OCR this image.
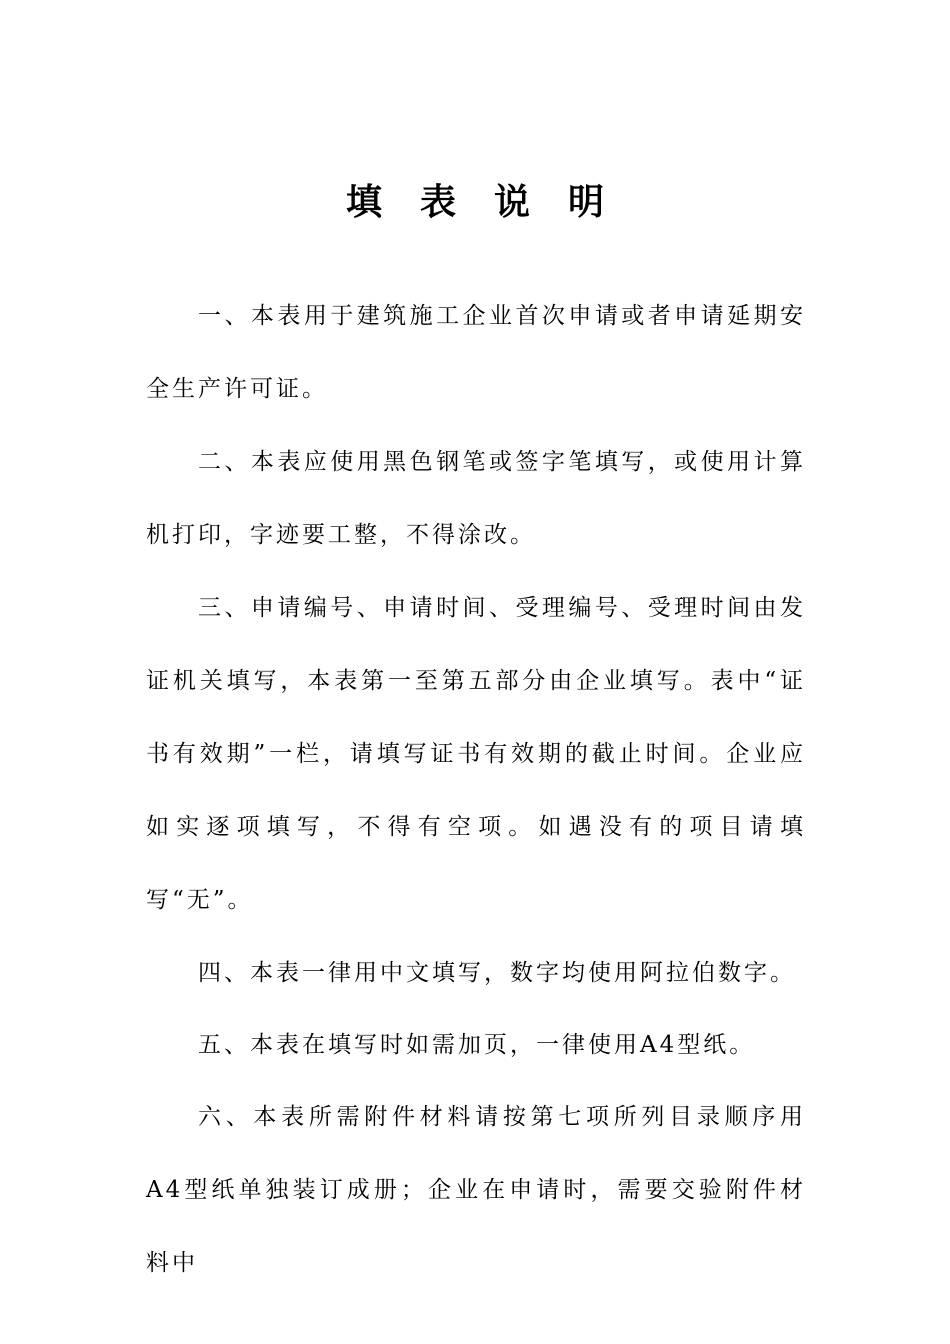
填表说明

一、本表用于建筑施工企业首次申请或者申请延期安全生产许可证。

二、本表应使用黑色钢笔或签字笔填写，或使用计算机打印，字迹要工整，不得涂改。

三、申请编号、申请时间、受理编号、受理时间由发证机关填写，本表第一至第五部分由企业填写。表中“证书有效期”一栏，请填写证书有效期的截止时间。企业应如实逐项填写，不得有空项。如遇没有的项目请填写“无”。

四、本表一律用中文填写，数字均使用阿拉伯数字。

五、本表在填写时如需加页，一律使用A4型纸。

六、本表所需附件材料请按第七项所列目录顺序用A4型纸单独装订成册；企业在申请时，需要交验附件材料中
